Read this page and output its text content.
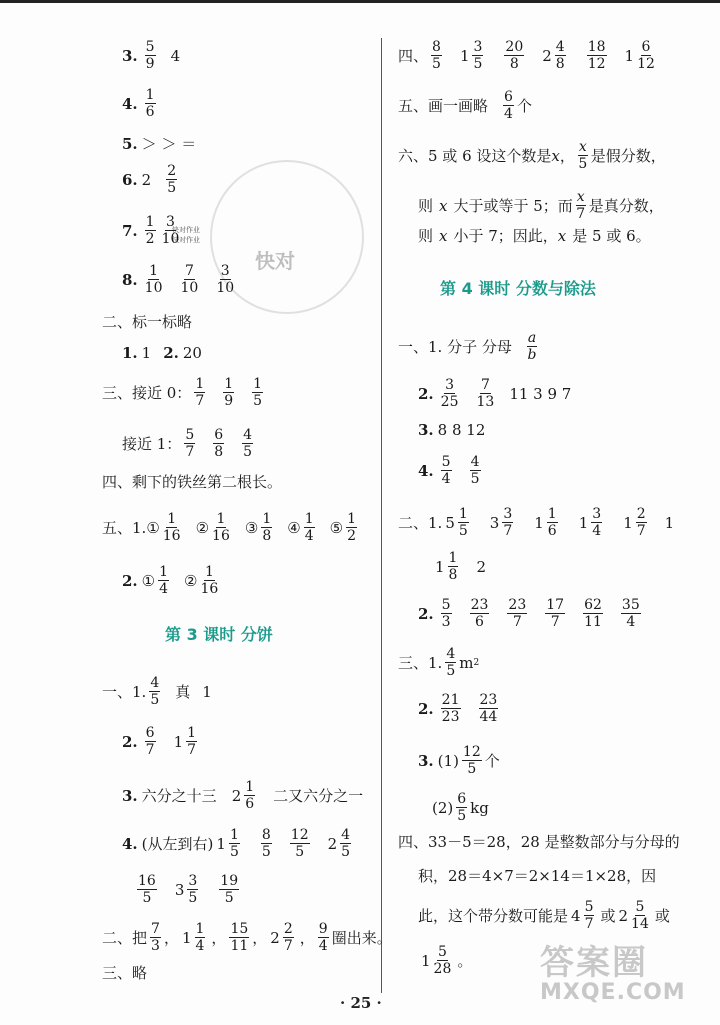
快对
快对作业
快对作业
3. $\frac{5}{9} 4$
4. $\frac{1}{6}$
5. ＞ ＞ ＝
6. $2 \frac{2}{5}$
7. $\frac{1}{2} \frac{3}{10}$
8. $\frac{1}{10} \frac{7}{10} \frac{3}{10}$
二、标一标略
1. 1 2. 20
三、接近 0： $\frac{1}{7} \frac{1}{9} \frac{1}{5}$
接近 1： $\frac{5}{7} \frac{6}{8} \frac{4}{5}$
四、剩下的铁丝第二根长。
五、1. ① $\frac{1}{16}$ ② $\frac{1}{16}$ ③ $\frac{1}{8}$ ④ $\frac{1}{4}$ ⑤ $\frac{1}{2}$
2. ① $\frac{1}{4}$ ② $\frac{1}{16}$
第 3 课时 分饼
一、1. $\frac{4}{5}$ 真 1
2. $\frac{6}{7} 1 \frac{1}{7}$
3. 六分之十三 $2 \frac{1}{6}$ 二又六分之一
4. (从左到右) $1 \frac{1}{5} \frac{8}{5} \frac{12}{5} 2 \frac{4}{5}$
$\frac{16}{5} 3 \frac{3}{5} \frac{19}{5}$
二、把 $\frac{7}{3}$ ， $1 \frac{1}{4}$ ， $\frac{15}{11}$ ， $2 \frac{2}{7}$ ， $\frac{9}{4}$ 圈出来。
三、略
四、 $\frac{8}{5} 1 \frac{3}{5} \frac{20}{8} 2 \frac{4}{8} \frac{18}{12} 1 \frac{6}{12}$
五、画一画略 $\frac{6}{4}$ 个
六、5 或 6 设这个数是 x ， $\frac{x}{5}$ 是假分数，
则 x 大于或等于 5；而 $\frac{x}{7}$ 是真分数，
则 x 小于 7；因此， x 是 5 或 6。
第 4 课时 分数与除法
一、1. 分子 分母 $\frac{a}{b}$
2. $\frac{3}{25} \frac{7}{13} 11$ 3 9 7
3. 8 8 12
4. $\frac{5}{4} \frac{4}{5}$
二、1. $5 \frac{1}{5} 3 \frac{3}{7} 1 \frac{1}{6} 1 \frac{3}{4} 1 \frac{2}{7} 1$
$1 \frac{1}{8} 2$
2. $\frac{5}{3} \frac{23}{6} \frac{23}{7} \frac{17}{7} \frac{62}{11} \frac{35}{4}$
三、1. $\frac{4}{5}$ m 2
2. $\frac{21}{23} \frac{23}{44}$
3. $(1) \frac{12}{5}$ 个
$(2) \frac{6}{5}$ kg
四、33－5＝28，28 是整数部分与分母的
积，28＝4×7＝2×14＝1×28，因
此，这个带分数可能是 $4 \frac{5}{7}$ 或 $2 \frac{5}{14}$ 或
$1 \frac{5}{28}$ 。
· 25 ·
答案圈
MXQE.COM
